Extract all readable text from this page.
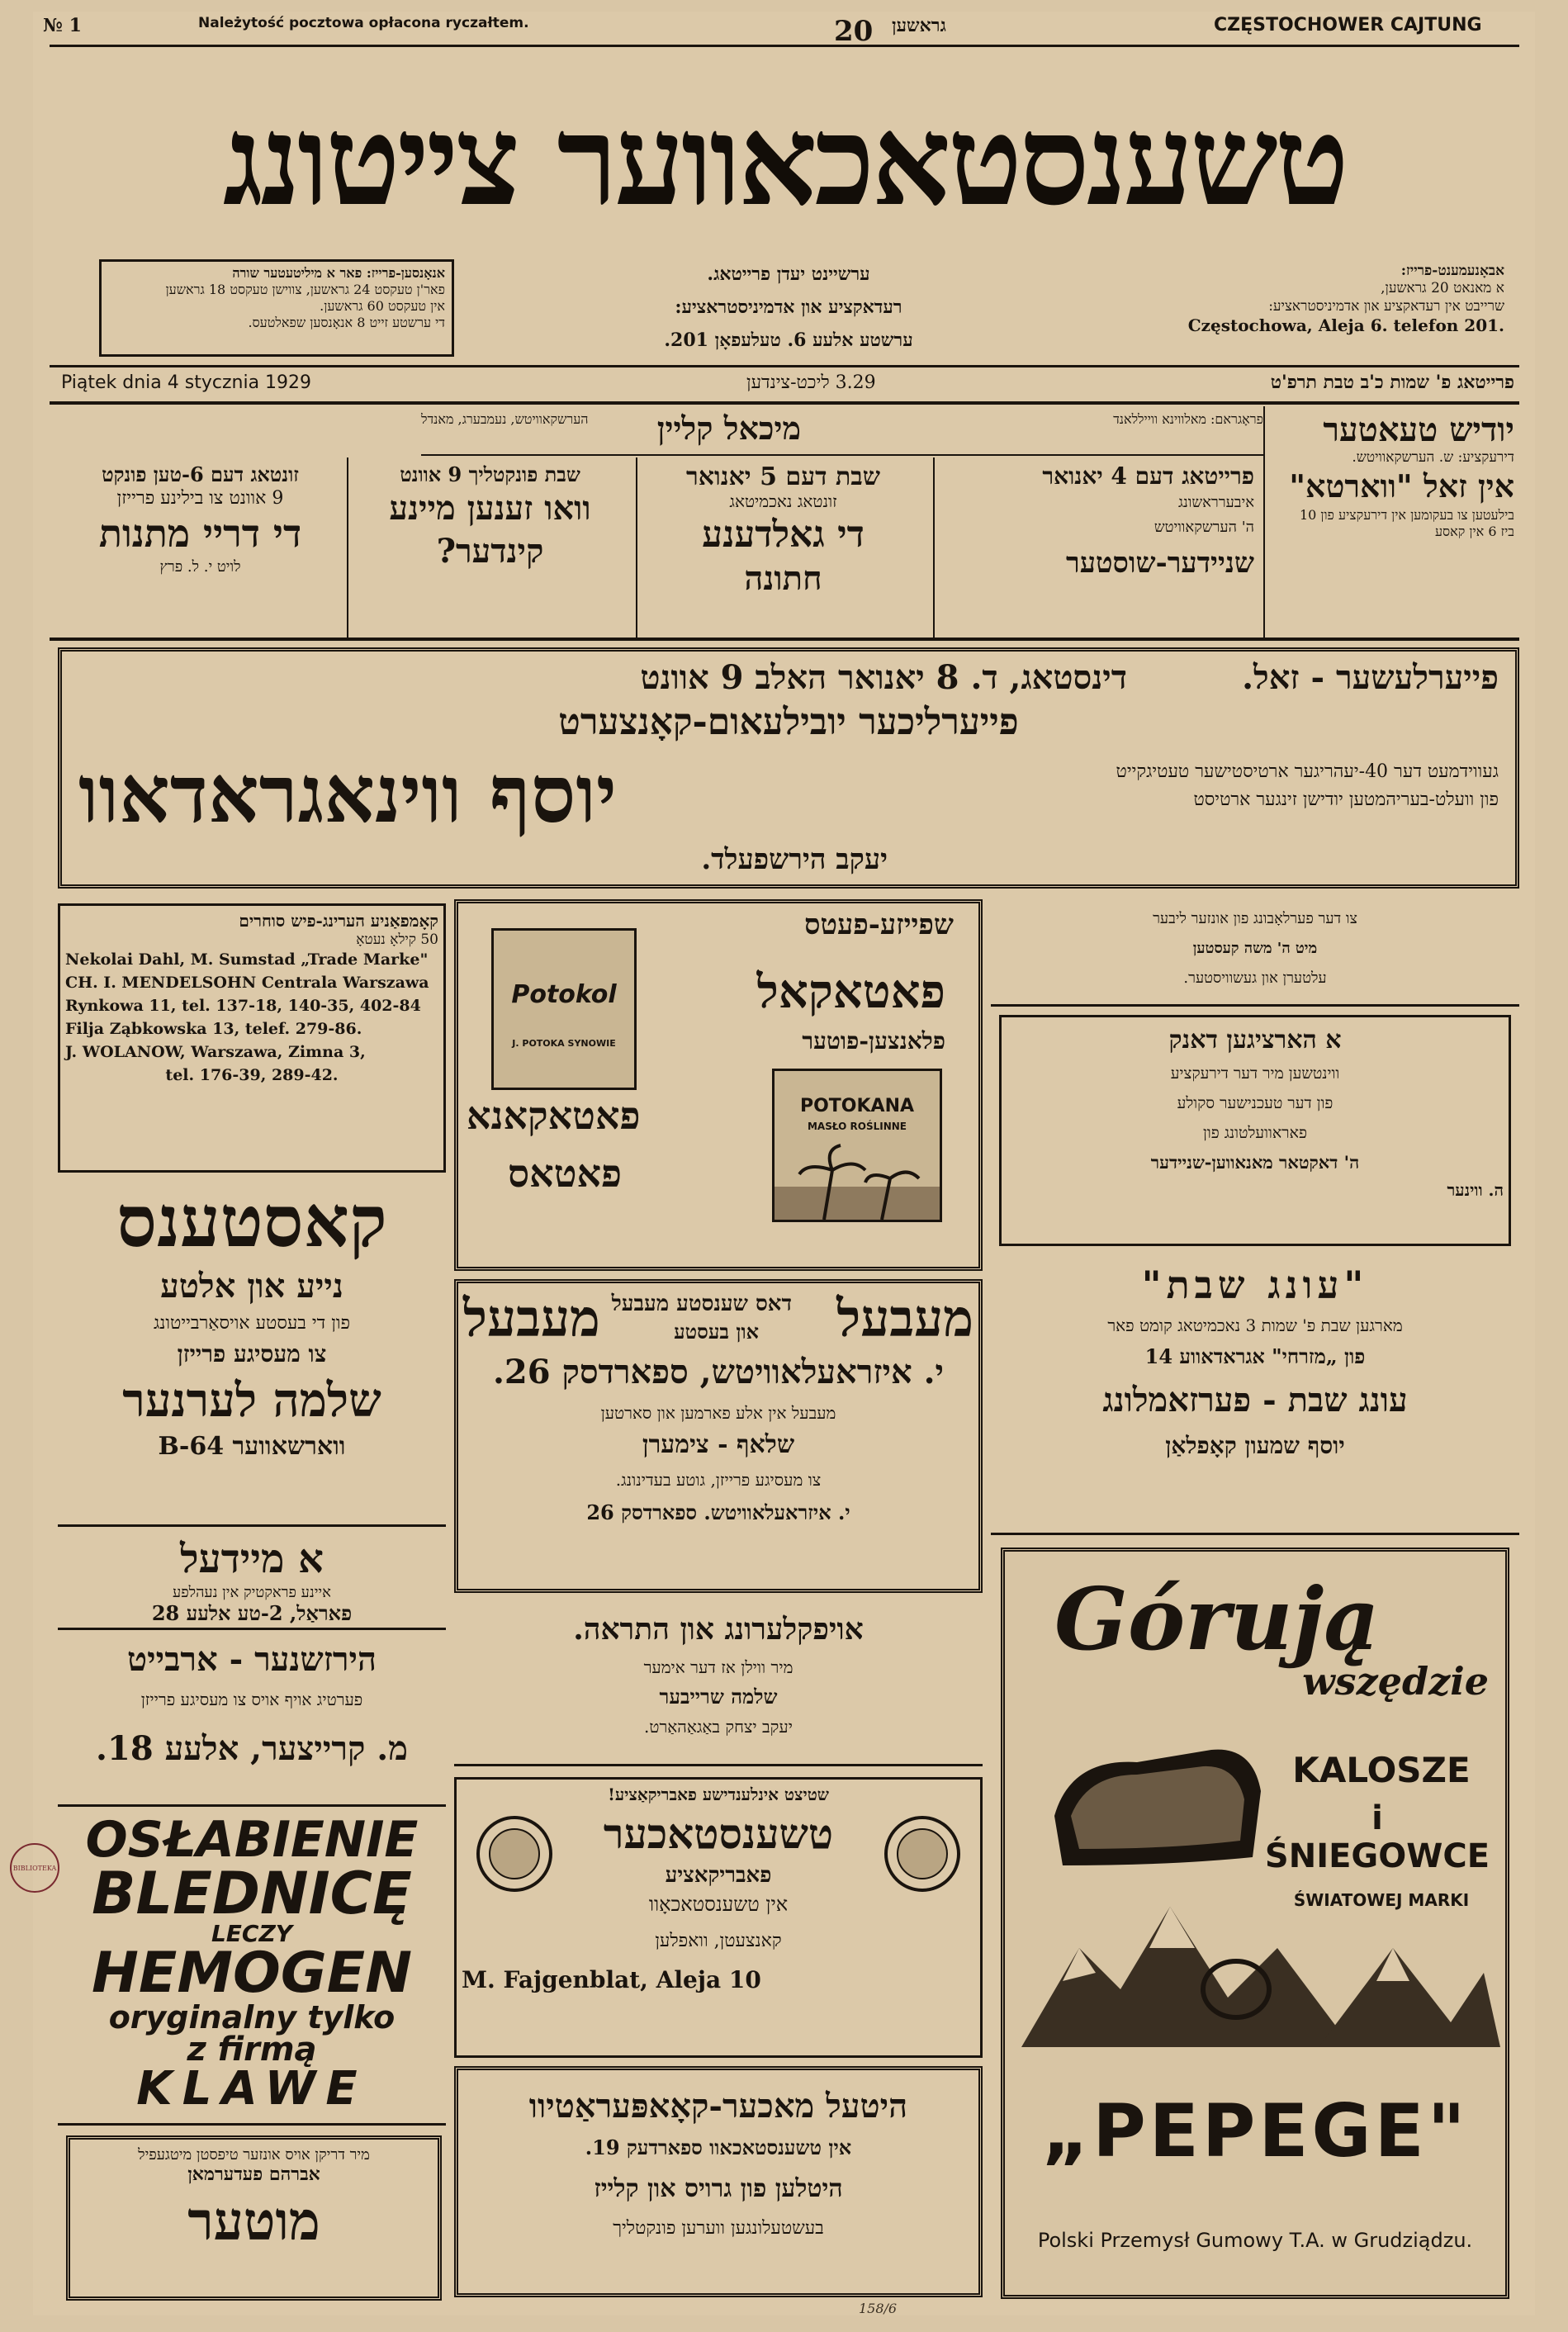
№ 1	Należytość pocztowa opłacona ryczałtem.	20 גראשען	CZĘSTOCHOWER CAJTUNG
טשענסטאכאווער צייטונג
אנאָנסען-פרייז: פאר א מיליטעטער שורה
פאר'ן טעקסט 24 גראשען, צווישן טעקסט 18 גראשען
אין טעקסט 60 גראשען.
די ערשטע זייט 8 אנאָנסען שפאלטעס.
ערשיינט יעדן פרייטאג.
רעדאקציע און אדמיניסטראציע:
ערשטע אלעע 6. טעלעפאָן 201.
אבאָנעמענט-פרייז:
א מאנאט 20 גראשען,
שרייבט אין רעדאקציע און אדמיניסטראציע:
Częstochowa, Aleja 6. telefon 201.
Piątek dnia 4 stycznia 1929	3.29 ליכט-צינדען	פרייטאג פ' שמות כ'ב טבת תרפ'ט
יודיש טעאטער
דירעקציע: ש. הערשקאוויטש.
אין זאל "ווארטא"
בילעטען צו בעקומען אין דירעקציע פון 10
ביז 6 אין קאסע
מיכאל קליין	פראָגראם: מאלווינא ווייללאנד
הערשקאוויטש, נעמבערג, מאנדל
פרייטאג דעם 4 יאנואר
איבערראשונג
ה' הערשקאוויטש
שניידער-שוסטער
שבת דעם 5 יאנואר
זונטאג נאכמיטאג
די גאלדענע
חתונה
שבת פונקטליך 9 אוונט
וואו זענען מיינע
קינדער?
זונטאג דעם 6-טען פונקט
9 אוונט צו בילינע פרייזן
די דריי מתנות
לויט י. ל. פרץ
פייערלעשער - זאל.
דינסטאג, ד. 8 יאנואר האלב 9 אוונט
פייערליכער יובילעאום-קאָנצערט
יוסף ווינאגראדאוו	געווידמעט דער 40-יעהריגער ארטיסטישער טעטיגקייט
פון וועלט-בעריהמטען יודישן זינגער ארטיסט
יעקב הירשפעלד.
קאָמפאַניע הערינג-פיש סוחרים
50 קילאָ נעטאָ
Nekolai Dahl, M. Sumstad „Trade Marke"
CH. I. MENDELSOHN Centrala Warszawa
Rynkowa 11, tel. 137-18, 140-35, 402-84
Filja Ząbkowska 13, telef. 279-86.
J. WOLANOW, Warszawa, Zimna 3,
tel. 176-39, 289-42.
קאסטענס
נייע און אלטע
פון די בעסטע אויסאַרבייטונג
צו מעסיגע פרייזן
שלמה לערנער
ווארשאווער 64-B
א מיידעל
איינע פראקטיק אין נעהלפע
פאראַל, 2-טע אלעע 28
הירזשנער - ארבייט
פערטיג אויף אויס צו מעסיגע פרייזן
מ. קרייצער, אלעע 18.
OSŁABIENIE
BLEDNICĘ
LECZY
HEMOGEN
oryginalny tylko
z firmą
KLAWE
מיר דריקן אויס אונזער טיפסטן מיטגעפיל
אברהם פעדערמאן
מוטער
שפייזע-פעטס
פאטאקאל
פלאנצען-פוטער
פאטאקאנא
פאטאס
Potokol
J. POTOKA SYNOWIE
POTOKANA
MASŁO ROŚLINNE
מעבעל
דאס שענסטע מעבעל
און בעסטע
מעבעל
י. איזראעלאוויטש, ספארדסק 26.
מעבעל אין אלע פארמען און סארטען
שלאף - צימערן
צו מעסיגע פרייזן, גוטע בעדינונג.
י. איזראעלאוויטש. ספארדסק 26
אויפקלערונג און התראה.
מיר ווילן אז דער אימער
שלמה שרייבער
יעקב יצחק באַגאַהאַרט.
שטיצט אינלענדישע פאבריקאַציע!
טשענסטאכער
פאבריקאציע
אין טשענסטאכאָוו
קאנצעטן, וואפלען
M. Fajgenblat, Aleja 10
היטעל מאכער-קאָאפּעראַטיוו
אין טשענסטאכאוו ספארדעק 19.
היטלען פון גרויס און קלייז
בעשטעלונגען ווערען פונקטליך
צו דער פערלאָבונג פון אונזער ליבער
מיט ה' משה קעסטען
עלטערן און געשוויסטער.
א הארציגען דאנק
ווינטשען מיר דער דירעקציע
פון דער טעכנישער סקולע
פאראוועלטונג פון
ה' דאקטאר מאנאווען-שניידער
ה. ווינער
"עונג שבת"
מארגען שבת פ' שמות 3 נאכמיטאג קומט פאר
פון „מזרחי" אגראדאווע 14
עונג שבת - פערזאמלונג
יוסף שמעון קאָפלאַן
Górują
wszędzie
KALOSZE
i ŚNIEGOWCE
ŚWIATOWEJ MARKI
„PEPEGE"
Polski Przemysł Gumowy T.A. w Grudziądzu.
BIBLIOTEKA
158/6
